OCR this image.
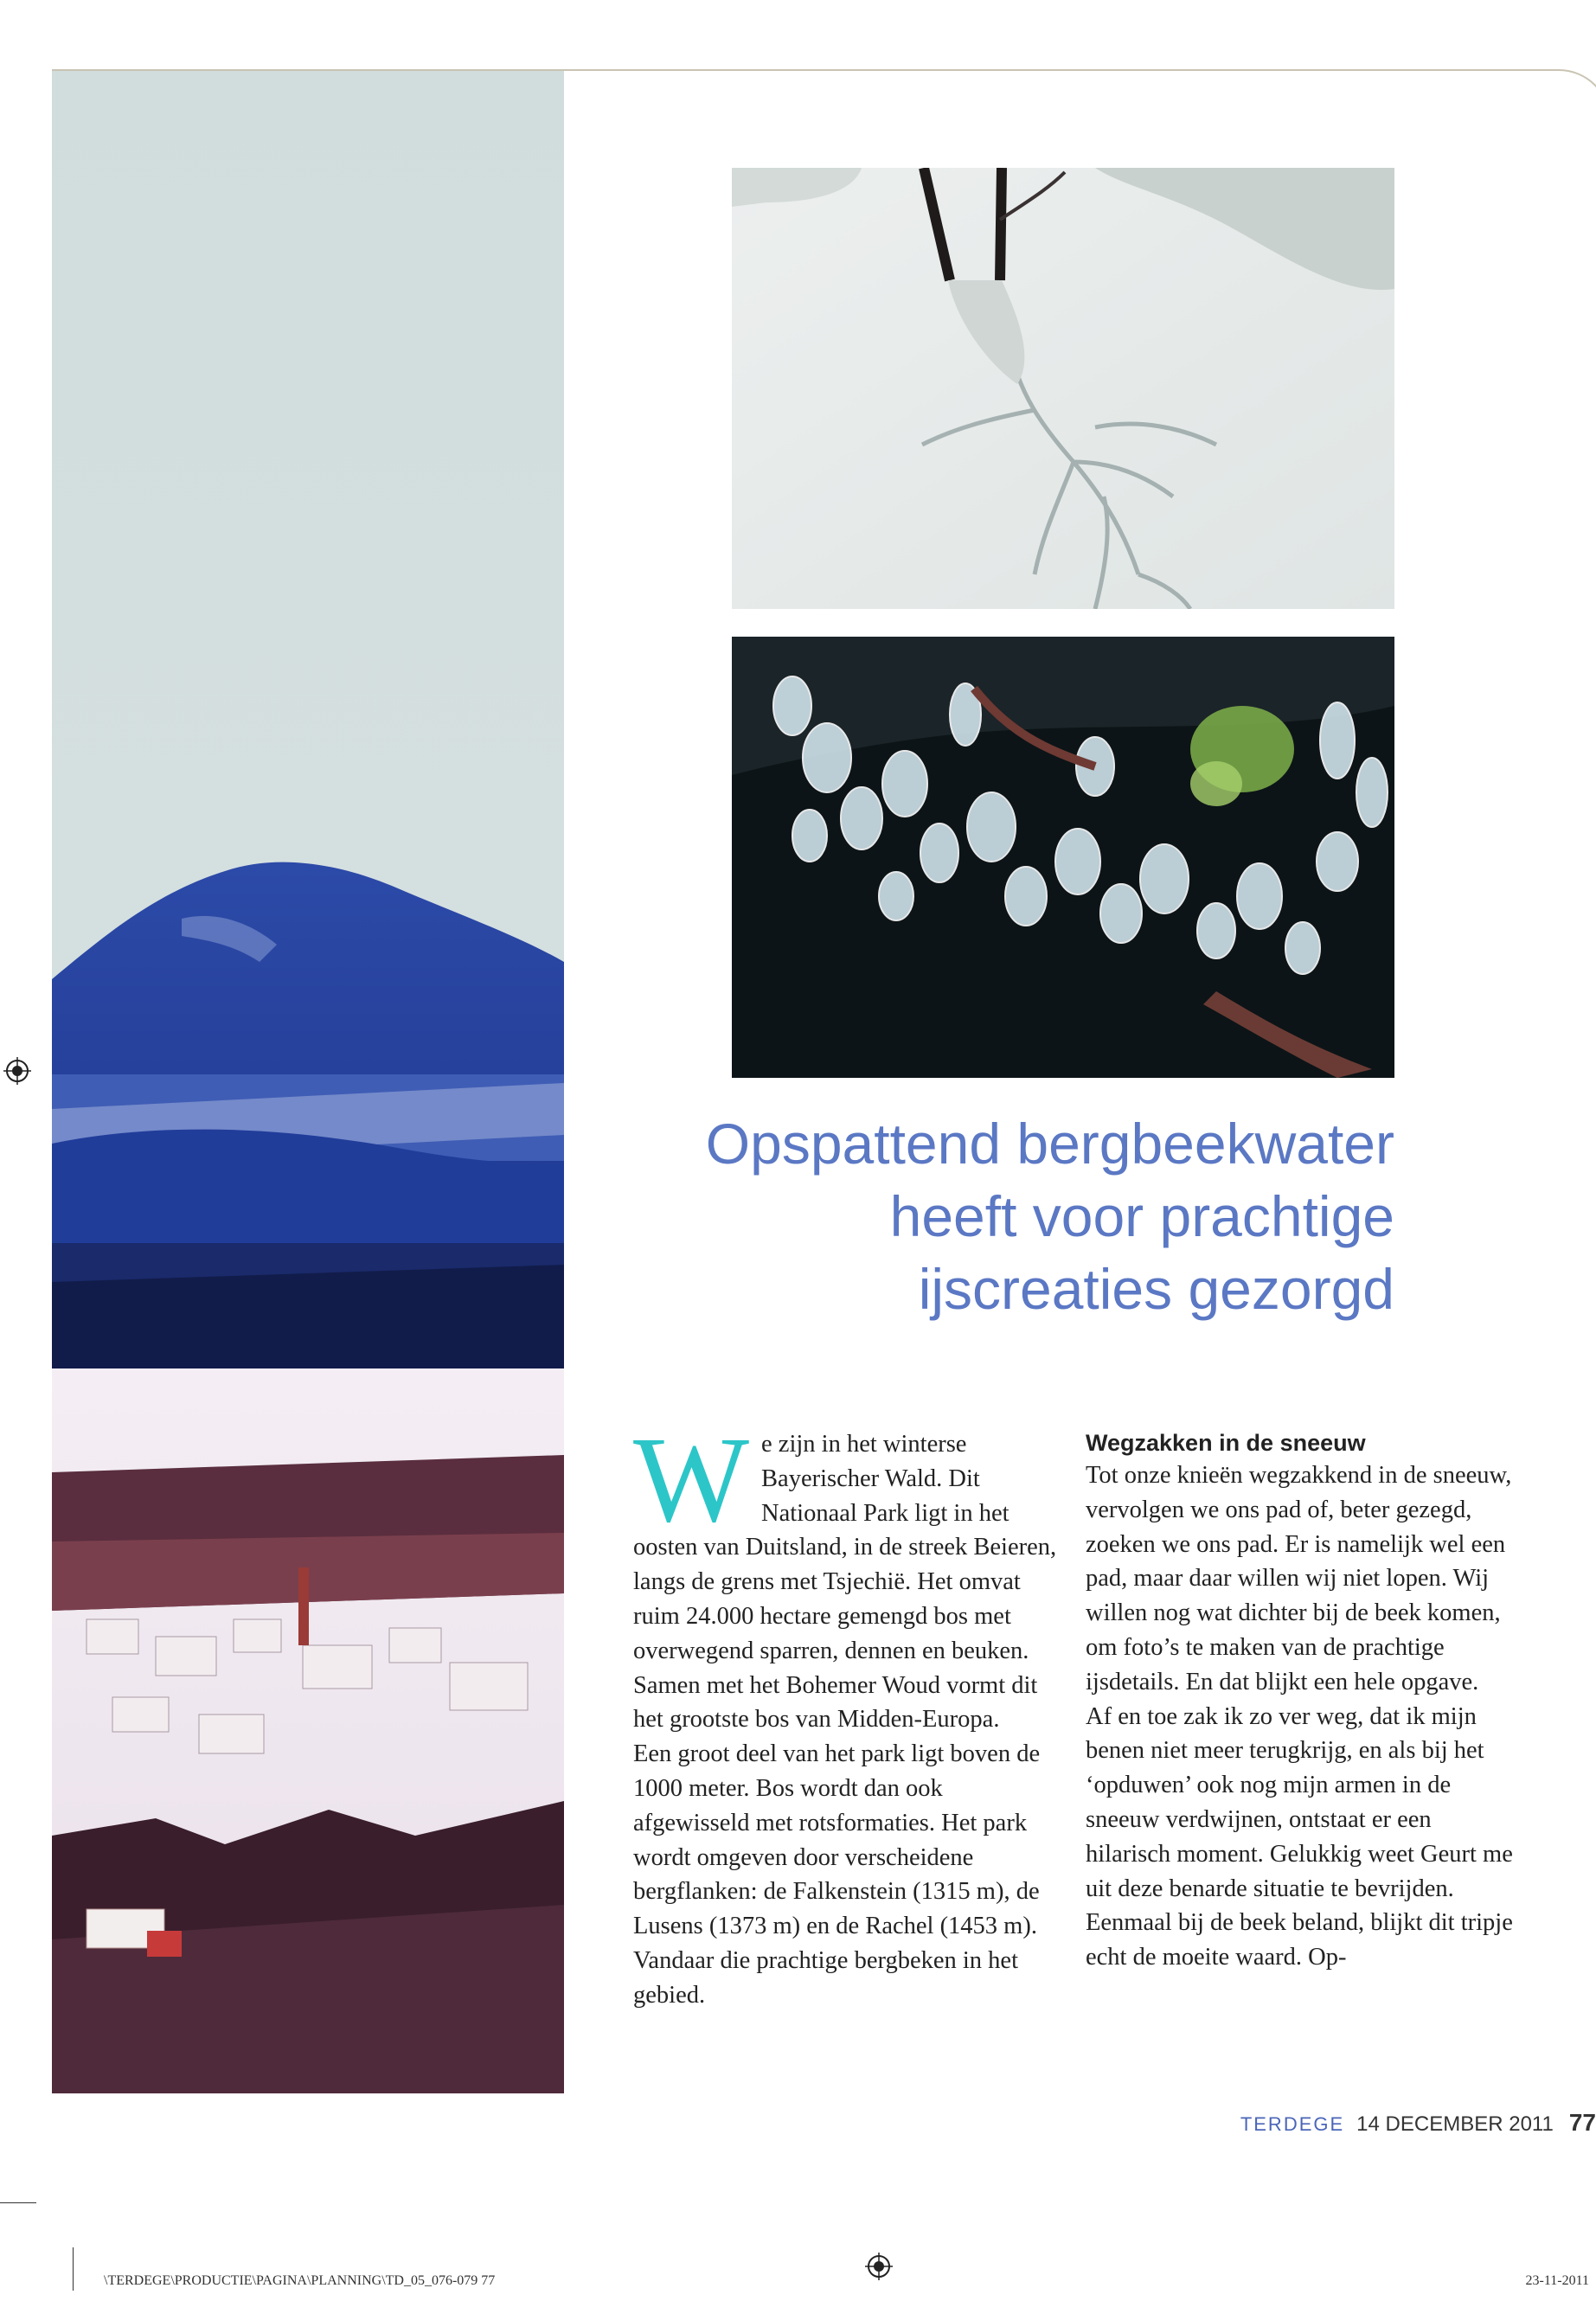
Opspattend bergbeekwater
heeft voor prachtige
ijscreaties gezorgd

We zijn in het winterse Bayerischer Wald. Dit Nationaal Park ligt in het oosten van Duitsland, in de streek Beieren, langs de grens met Tsjechië. Het omvat ruim 24.000 hectare gemengd bos met overwegend sparren, dennen en beuken. Samen met het Bohemer Woud vormt dit het grootste bos van Midden-Europa.

Een groot deel van het park ligt boven de 1000 meter. Bos wordt dan ook afgewisseld met rotsformaties. Het park wordt omgeven door verscheidene bergflanken: de Falkenstein (1315 m), de Lusens (1373 m) en de Rachel (1453 m). Vandaar die prachtige bergbeken in het gebied.

Wegzakken in de sneeuw

Tot onze knieën wegzakkend in de sneeuw, vervolgen we ons pad of, beter gezegd, zoeken we ons pad. Er is namelijk wel een pad, maar daar willen wij niet lopen. Wij willen nog wat dichter bij de beek komen, om foto’s te maken van de prachtige ijsdetails. En dat blijkt een hele opgave.

Af en toe zak ik zo ver weg, dat ik mijn benen niet meer terugkrijg, en als bij het ‘opduwen’ ook nog mijn armen in de sneeuw verdwijnen, ontstaat er een hilarisch moment. Gelukkig weet Geurt me uit deze benarde situatie te bevrijden. Eenmaal bij de beek beland, blijkt dit tripje echt de moeite waard. Op-

TERDEGE 14 DECEMBER 2011 77
\TERDEGE\PRODUCTIE\PAGINA\PLANNING\TD_05_076-079 77	23-11-2011
